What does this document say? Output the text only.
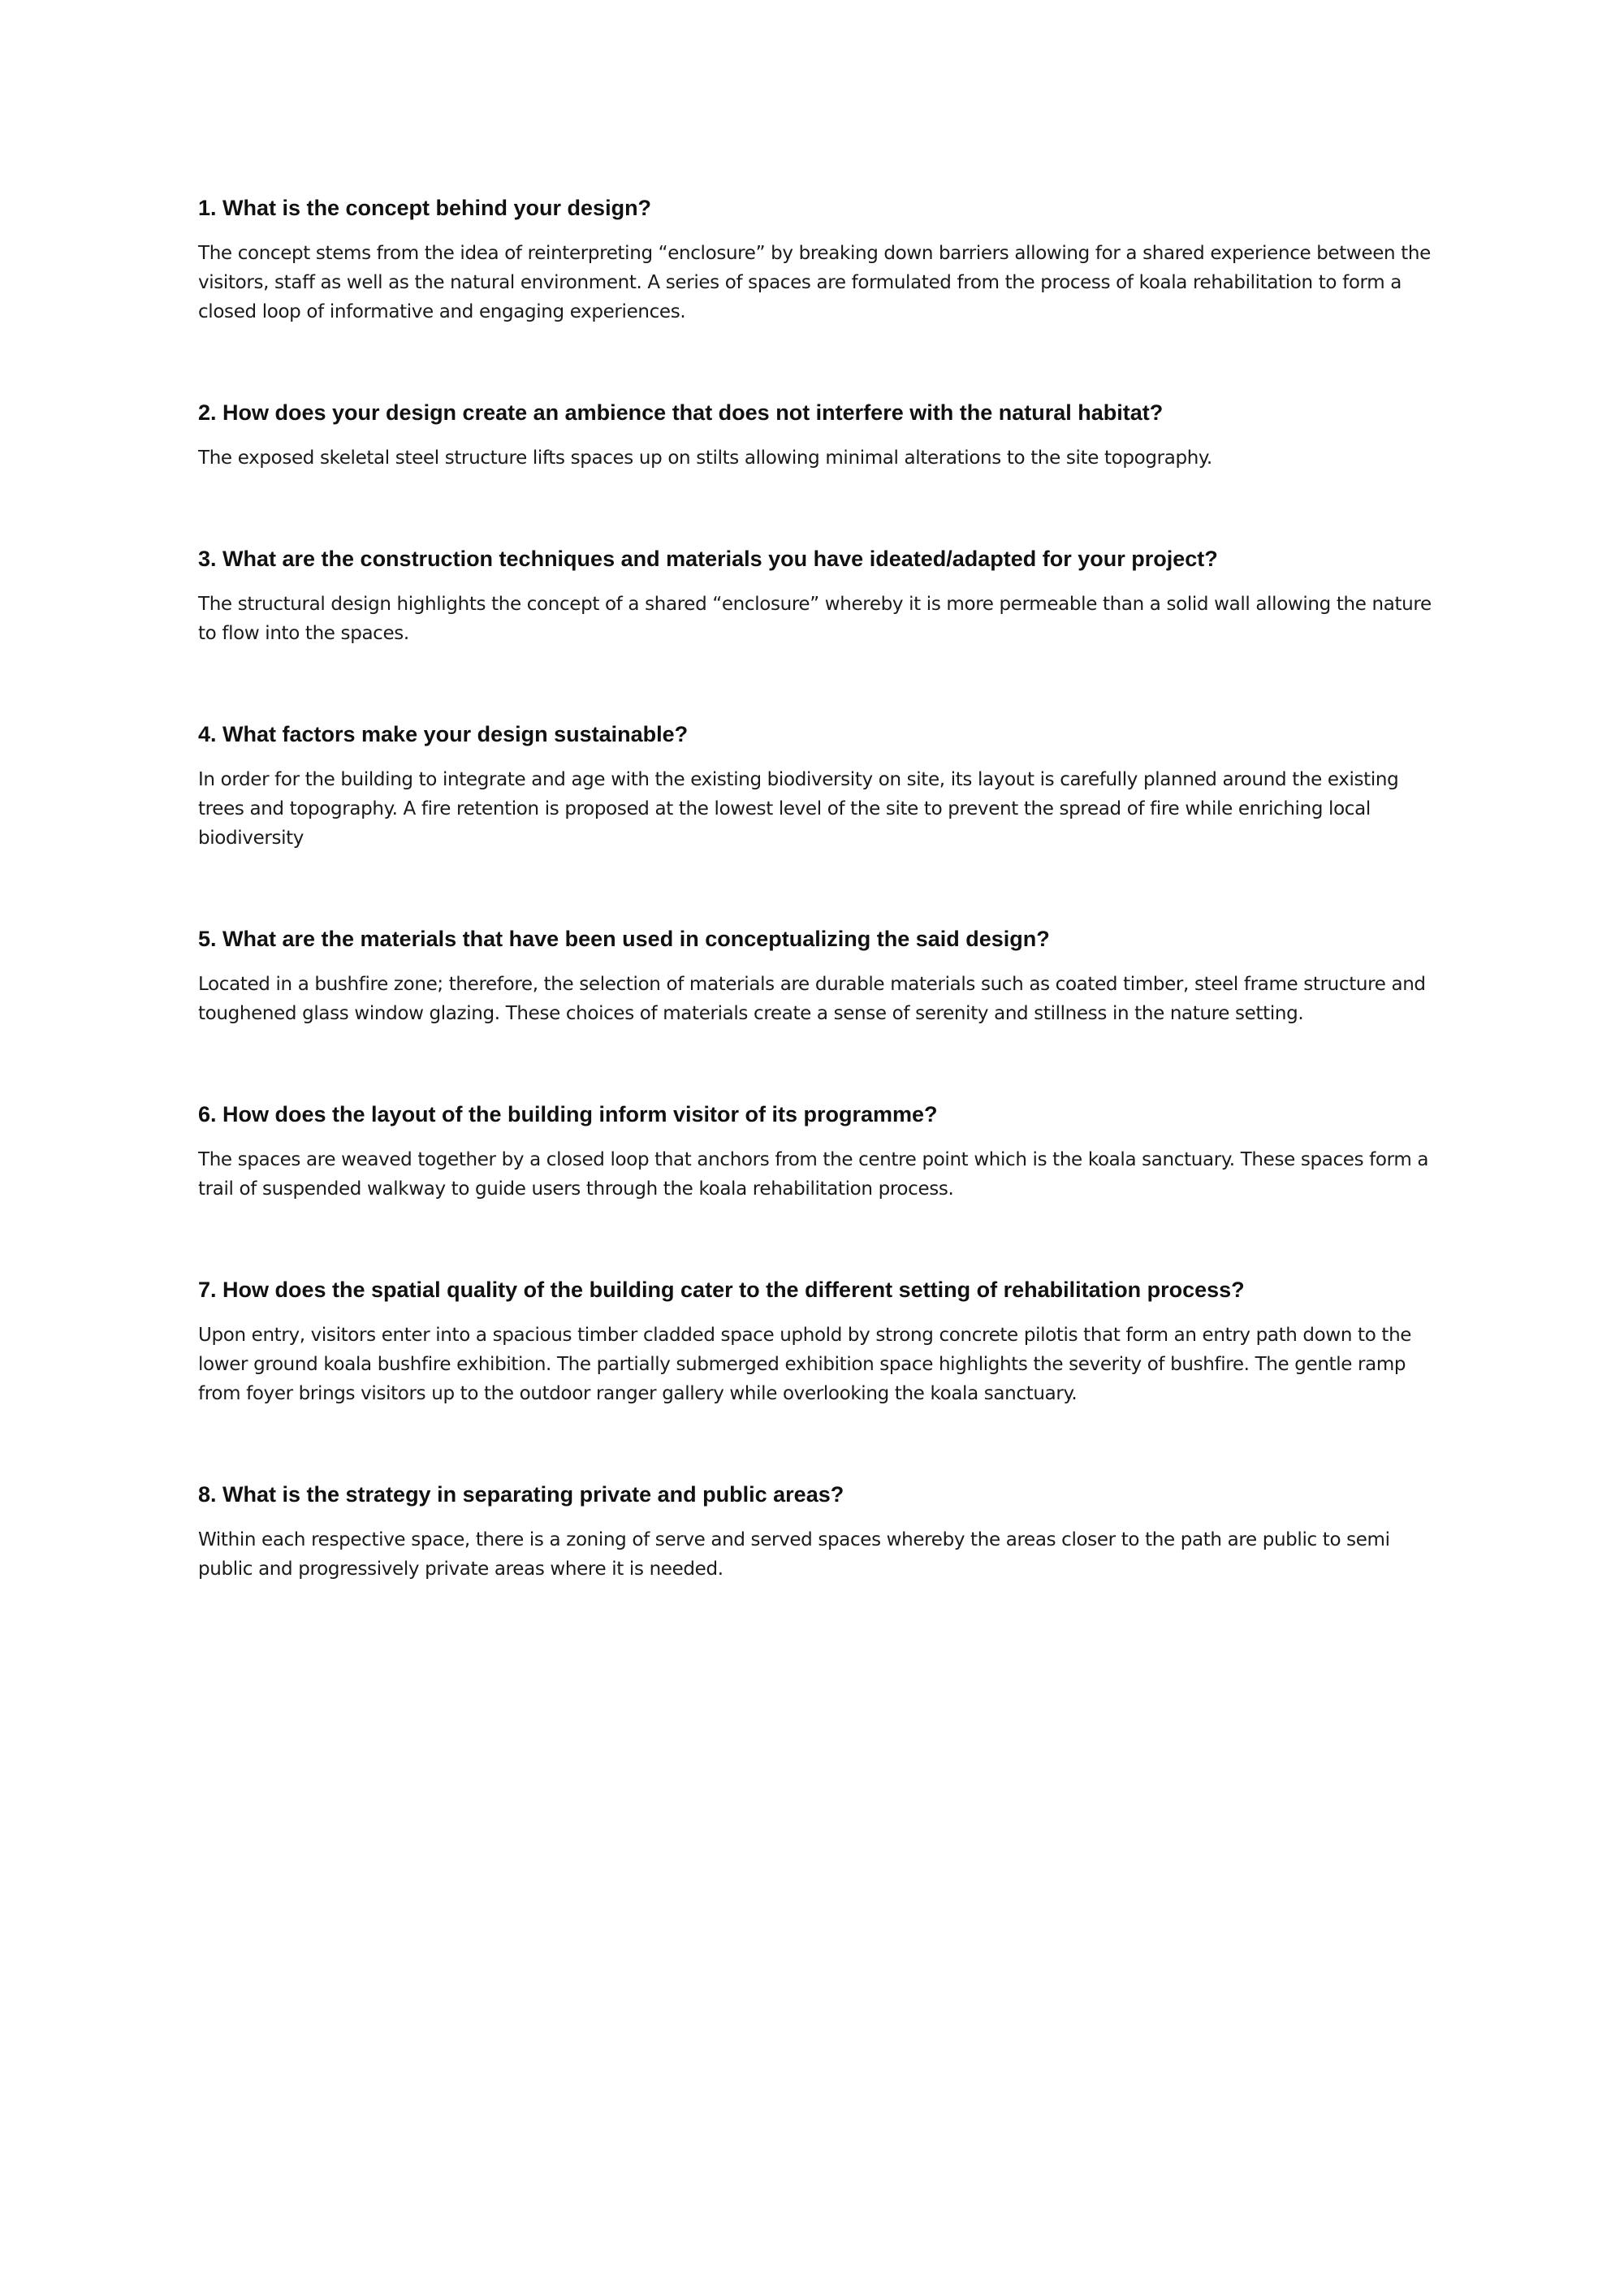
1. What is the concept behind your design?

The concept stems from the idea of reinterpreting “enclosure” by breaking down barriers allowing for a shared experience between the visitors, staff as well as the natural environment. A series of spaces are formulated from the process of koala rehabilitation to form a closed loop of informative and engaging experiences.

2. How does your design create an ambience that does not interfere with the natural habitat?

The exposed skeletal steel structure lifts spaces up on stilts allowing minimal alterations to the site topography.

3. What are the construction techniques and materials you have ideated/adapted for your project?

The structural design highlights the concept of a shared “enclosure” whereby it is more permeable than a solid wall allowing the nature to flow into the spaces.

4. What factors make your design sustainable?

In order for the building to integrate and age with the existing biodiversity on site, its layout is carefully planned around the existing trees and topography. A fire retention is proposed at the lowest level of the site to prevent the spread of fire while enriching local biodiversity

5. What are the materials that have been used in conceptualizing the said design?

Located in a bushfire zone; therefore, the selection of materials are durable materials such as coated timber, steel frame structure and toughened glass window glazing. These choices of materials create a sense of serenity and stillness in the nature setting.

6. How does the layout of the building inform visitor of its programme?

The spaces are weaved together by a closed loop that anchors from the centre point which is the koala sanctuary. These spaces form a trail of suspended walkway to guide users through the koala rehabilitation process.

7. How does the spatial quality of the building cater to the different setting of rehabilitation process?

Upon entry, visitors enter into a spacious timber cladded space uphold by strong concrete pilotis that form an entry path down to the lower ground koala bushfire exhibition. The partially submerged exhibition space highlights the severity of bushfire. The gentle ramp from foyer brings visitors up to the outdoor ranger gallery while overlooking the koala sanctuary.

8. What is the strategy in separating private and public areas?

Within each respective space, there is a zoning of serve and served spaces whereby the areas closer to the path are public to semi public and progressively private areas where it is needed.
